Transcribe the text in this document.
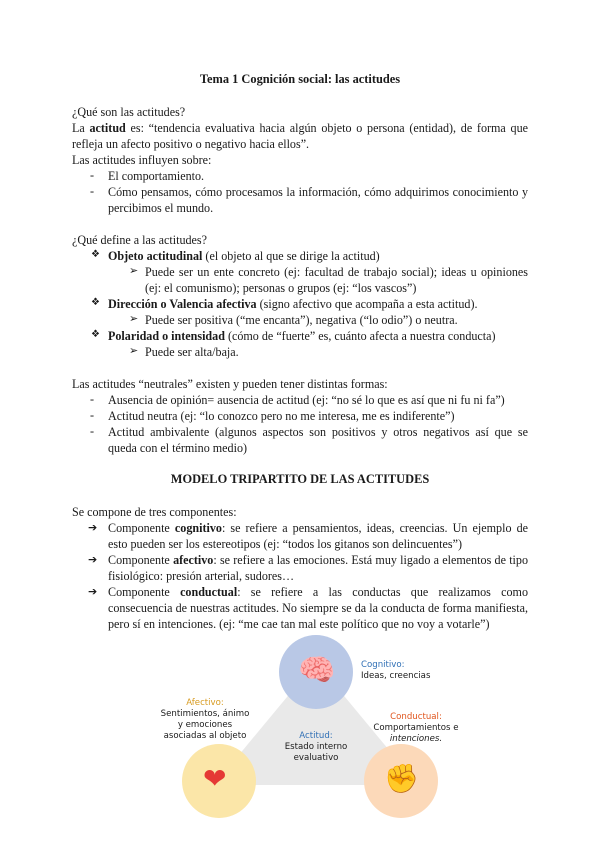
Tema 1 Cognición social: las actitudes
¿Qué son las actitudes?
La actitud es: “tendencia evaluativa hacia algún objeto o persona (entidad), de forma que refleja un afecto positivo o negativo hacia ellos”.
Las actitudes influyen sobre:
- El comportamiento.
- Cómo pensamos, cómo procesamos la información, cómo adquirimos conocimiento y percibimos el mundo.
¿Qué define a las actitudes?
❖ Objeto actitudinal (el objeto al que se dirige la actitud)
➢ Puede ser un ente concreto (ej: facultad de trabajo social); ideas u opiniones (ej: el comunismo); personas o grupos (ej: “los vascos”)
❖ Dirección o Valencia afectiva (signo afectivo que acompaña a esta actitud).
➢ Puede ser positiva (“me encanta”), negativa (“lo odio”) o neutra.
❖ Polaridad o intensidad (cómo de “fuerte” es, cuánto afecta a nuestra conducta)
➢ Puede ser alta/baja.
Las actitudes “neutrales” existen y pueden tener distintas formas:
- Ausencia de opinión= ausencia de actitud (ej: “no sé lo que es así que ni fu ni fa”)
- Actitud neutra (ej: “lo conozco pero no me interesa, me es indiferente”)
- Actitud ambivalente (algunos aspectos son positivos y otros negativos así que se queda con el término medio)
MODELO TRIPARTITO DE LAS ACTITUDES
Se compone de tres componentes:
➔ Componente cognitivo: se refiere a pensamientos, ideas, creencias. Un ejemplo de esto pueden ser los estereotipos (ej: “todos los gitanos son delincuentes”)
➔ Componente afectivo: se refiere a las emociones. Está muy ligado a elementos de tipo fisiológico: presión arterial, sudores…
➔ Componente conductual: se refiere a las conductas que realizamos como consecuencia de nuestras actitudes. No siempre se da la conducta de forma manifiesta, pero sí en intenciones. (ej: “me cae tan mal este político que no voy a votarle”)
🧠
❤	✊
Cognitivo:
Ideas, creencias
Afectivo:
Sentimientos, ánimo
y emociones
asociadas al objeto
Conductual:
Comportamientos e
intenciones.
Actitud:
Estado interno
evaluativo
